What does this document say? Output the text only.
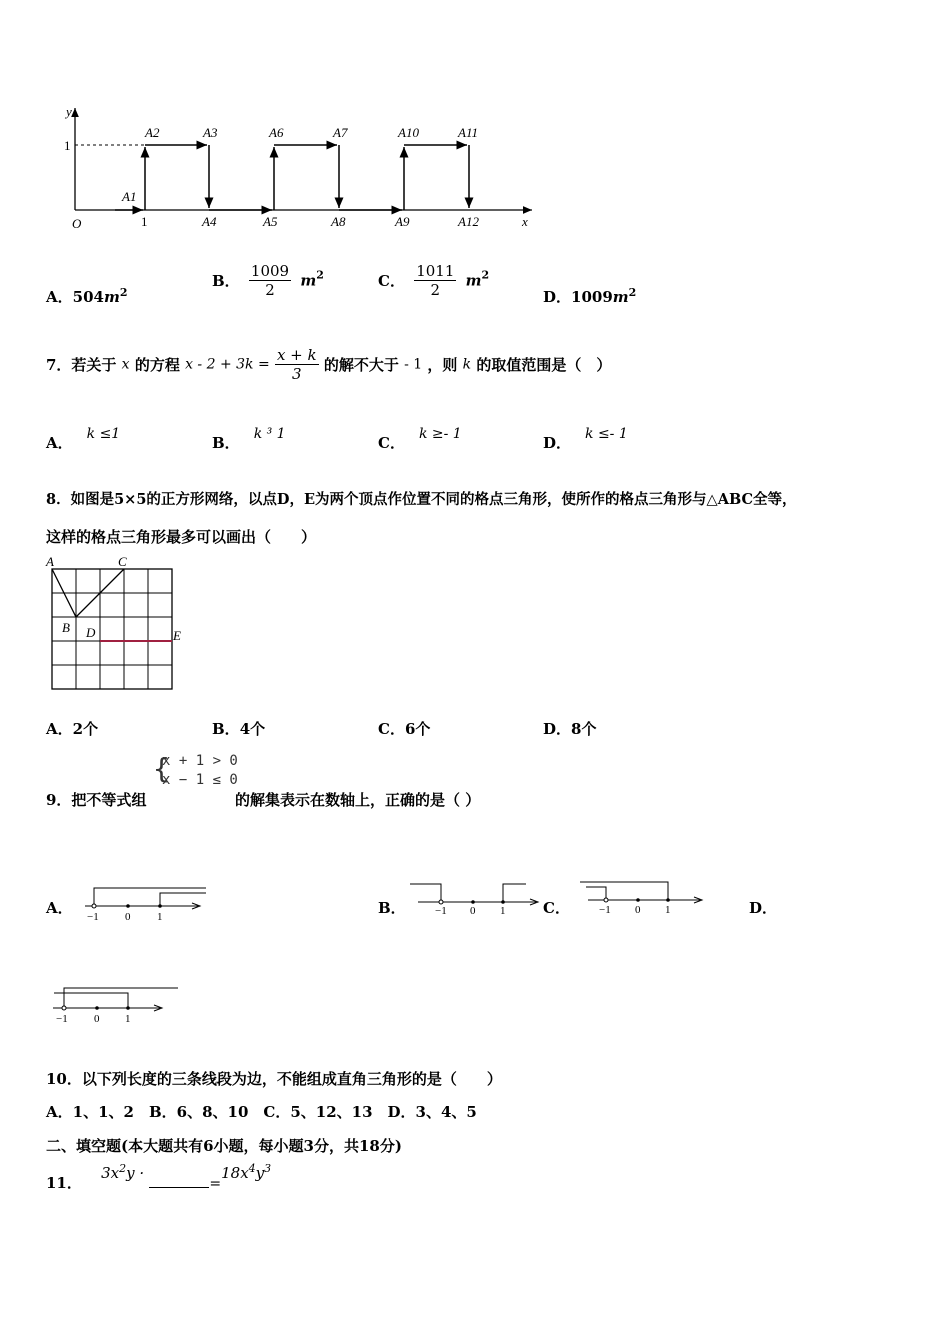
y
x
O
1
1
A1
A2	A3
A4	A5
A6	A7
A8	A9
A10	A11
A12
A．$504m^2$
B． $\frac{1009}{2} m^2$	C． $\frac{1011}{2} m^2$
D．$1009m^2$
7．若关于 x 的方程 $x - 2 + 3k = \frac{x + k}{3}$ 的解不大于 - 1 ，则 k 的取值范围是（　）
A． k ≤1	B． k ³ 1	C． k ≥- 1	D． k ≤- 1
8．如图是5×5的正方形网络，以点D，E为两个顶点作位置不同的格点三角形，使所作的格点三角形与△ABC全等，
这样的格点三角形最多可以画出（　　）
A	C
B D	E
A．2个	B．4个	C．6个	D．8个
9．把不等式组
{
x + 1 > 0
x − 1 ≤ 0
的解集表示在数轴上，正确的是（ ）
A． −1 0 1	B．	−1 0 1	C．	−1 0 1	D．
−1 0 1
10．以下列长度的三条线段为边，不能组成直角三角形的是（　　）
A．1、1、2　B．6、8、10　C．5、12、13　D．3、4、5
二、填空题(本大题共有6小题，每小题3分，共18分)
11． $3x^2y \cdot =18x^4y^3$
